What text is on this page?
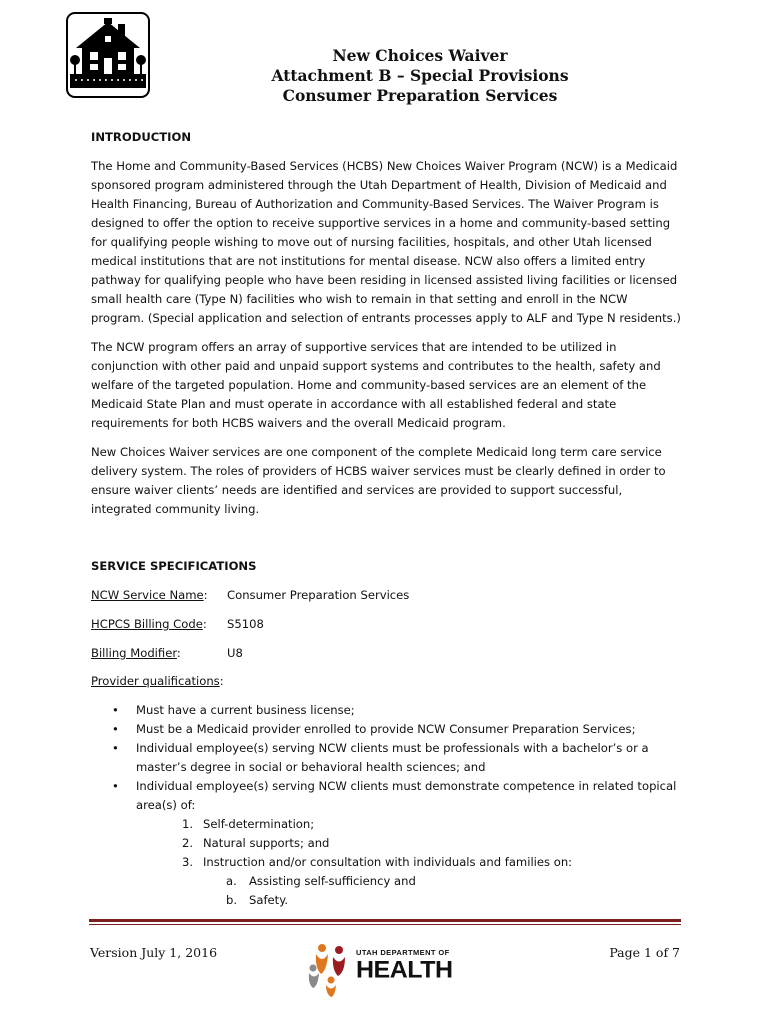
New Choices Waiver
Attachment B – Special Provisions
Consumer Preparation Services
INTRODUCTION

The Home and Community-Based Services (HCBS) New Choices Waiver Program (NCW) is a Medicaid sponsored program administered through the Utah Department of Health, Division of Medicaid and Health Financing, Bureau of Authorization and Community-Based Services. The Waiver Program is designed to offer the option to receive supportive services in a home and community-based setting for qualifying people wishing to move out of nursing facilities, hospitals, and other Utah licensed medical institutions that are not institutions for mental disease. NCW also offers a limited entry pathway for qualifying people who have been residing in licensed assisted living facilities or licensed small health care (Type N) facilities who wish to remain in that setting and enroll in the NCW program. (Special application and selection of entrants processes apply to ALF and Type N residents.)

The NCW program offers an array of supportive services that are intended to be utilized in conjunction with other paid and unpaid support systems and contributes to the health, safety and welfare of the targeted population. Home and community-based services are an element of the Medicaid State Plan and must operate in accordance with all established federal and state requirements for both HCBS waivers and the overall Medicaid program.

New Choices Waiver services are one component of the complete Medicaid long term care service delivery system. The roles of providers of HCBS waiver services must be clearly defined in order to ensure waiver clients’ needs are identified and services are provided to support successful, integrated community living.

SERVICE SPECIFICATIONS
NCW Service Name:	Consumer Preparation Services
HCPCS Billing Code:	S5108
Billing Modifier:	U8
Provider qualifications:
• Must have a current business license;
• Must be a Medicaid provider enrolled to provide NCW Consumer Preparation Services;
• Individual employee(s) serving NCW clients must be professionals with a bachelor’s or a master’s degree in social or behavioral health sciences; and
• Individual employee(s) serving NCW clients must demonstrate competence in related topical area(s) of:
1. Self-determination;
2. Natural supports; and
3. Instruction and/or consultation with individuals and families on:
a. Assisting self-sufficiency and
b. Safety.
Version July 1, 2016	Page 1 of 7
UTAH DEPARTMENT OF
HEALTH
